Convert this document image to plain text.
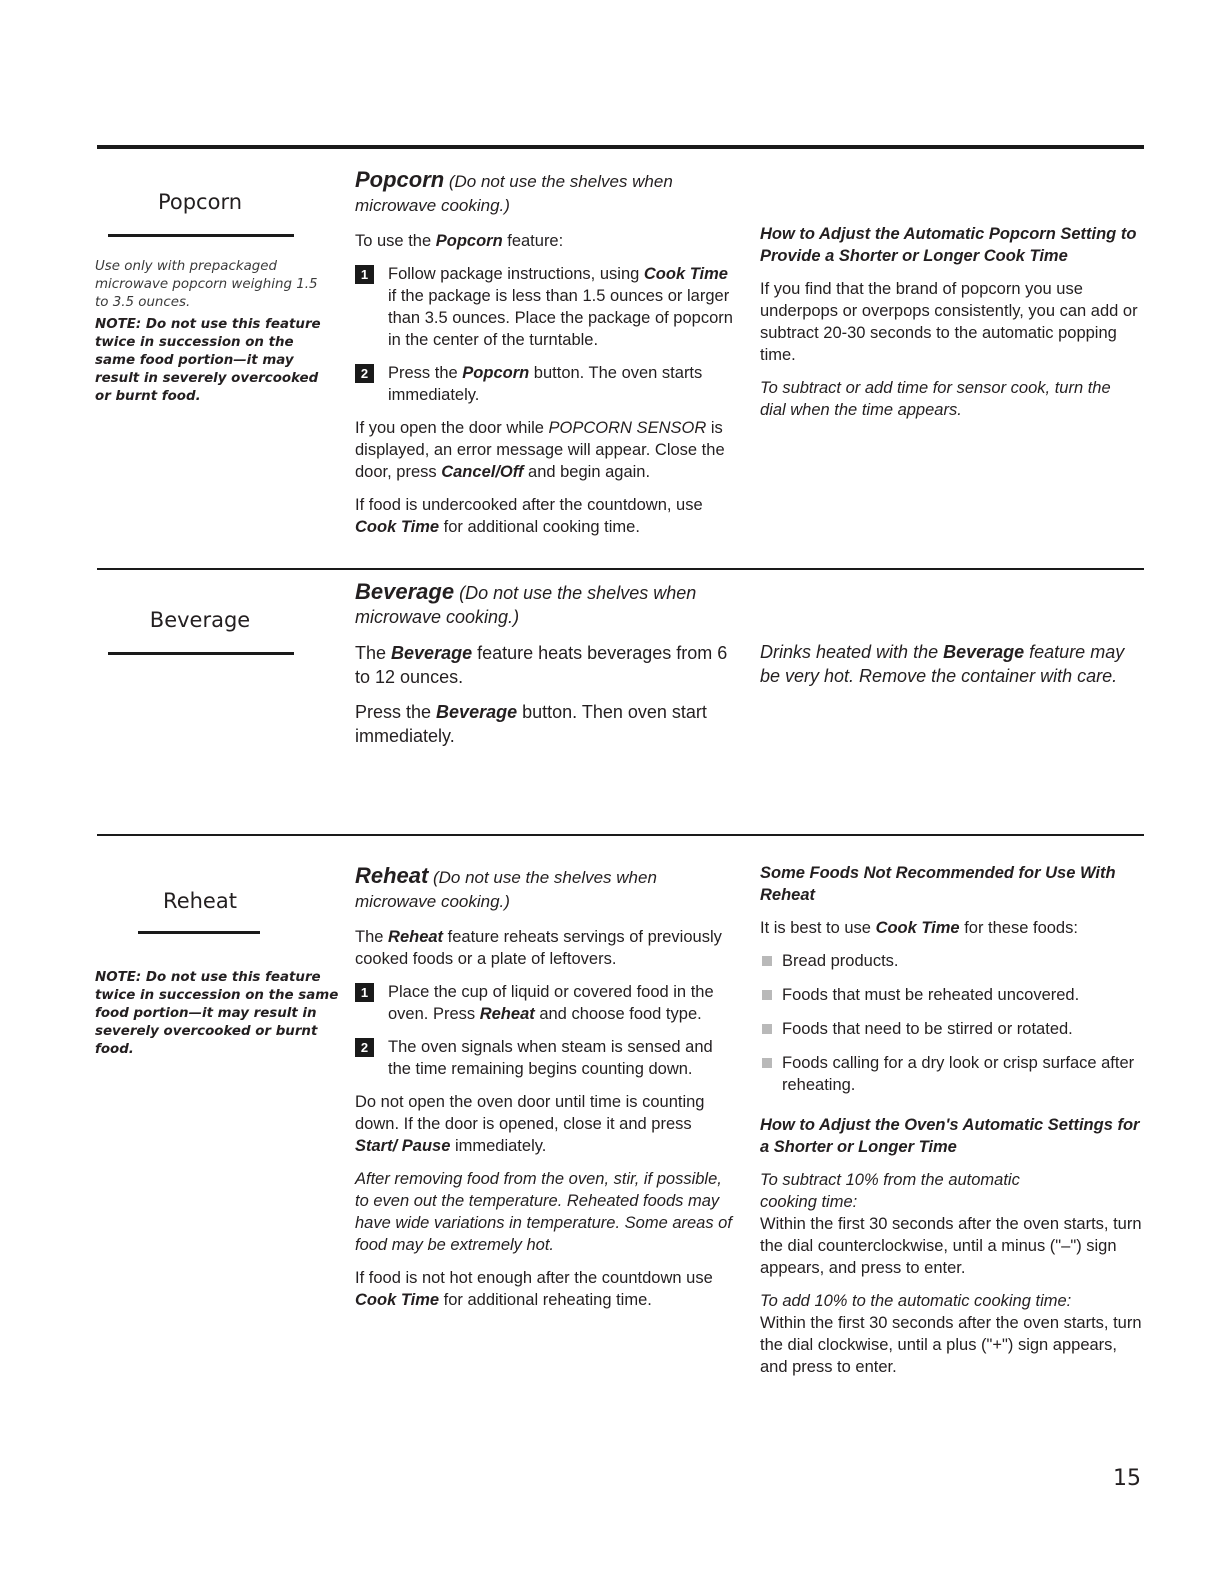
Popcorn

Use only with prepackaged microwave popcorn weighing 1.5 to 3.5 ounces.

NOTE: Do not use this feature twice in succession on the same food portion—it may result in severely overcooked or burnt food.

Popcorn (Do not use the shelves when microwave cooking.)

To use the Popcorn feature:

1	Follow package instructions, using Cook Time if the package is less than 1.5 ounces or larger than 3.5 ounces. Place the package of popcorn in the center of the turntable.
2	Press the Popcorn button. The oven starts immediately.

If you open the door while POPCORN SENSOR is displayed, an error message will appear. Close the door, press Cancel/Off and begin again.

If food is undercooked after the countdown, use Cook Time for additional cooking time.

How to Adjust the Automatic Popcorn Setting to Provide a Shorter or Longer Cook Time

If you find that the brand of popcorn you use underpops or overpops consistently, you can add or subtract 20-30 seconds to the automatic popping time.

To subtract or add time for sensor cook, turn the dial when the time appears.

Beverage
Beverage (Do not use the shelves when microwave cooking.)

The Beverage feature heats beverages from 6 to 12 ounces.

Press the Beverage button. Then oven start immediately.

Drinks heated with the Beverage feature may be very hot. Remove the container with care.

Reheat

NOTE: Do not use this feature twice in succession on the same food portion—it may result in severely overcooked or burnt food.

Reheat (Do not use the shelves when microwave cooking.)

The Reheat feature reheats servings of previously cooked foods or a plate of leftovers.

1	Place the cup of liquid or covered food in the oven. Press Reheat and choose food type.
2	The oven signals when steam is sensed and the time remaining begins counting down.

Do not open the oven door until time is counting down. If the door is opened, close it and press Start/ Pause immediately.

After removing food from the oven, stir, if possible, to even out the temperature. Reheated foods may have wide variations in temperature. Some areas of food may be extremely hot.

If food is not hot enough after the countdown use Cook Time for additional reheating time.

Some Foods Not Recommended for Use With Reheat

It is best to use Cook Time for these foods:

Bread products.
Foods that must be reheated uncovered.
Foods that need to be stirred or rotated.
Foods calling for a dry look or crisp surface after reheating.
How to Adjust the Oven's Automatic Settings for a Shorter or Longer Time
To subtract 10% from the automatic cooking time:

Within the first 30 seconds after the oven starts, turn the dial counterclockwise, until a minus ("–") sign appears, and press to enter.

To add 10% to the automatic cooking time:

Within the first 30 seconds after the oven starts, turn the dial clockwise, until a plus ("+") sign appears, and press to enter.

15
